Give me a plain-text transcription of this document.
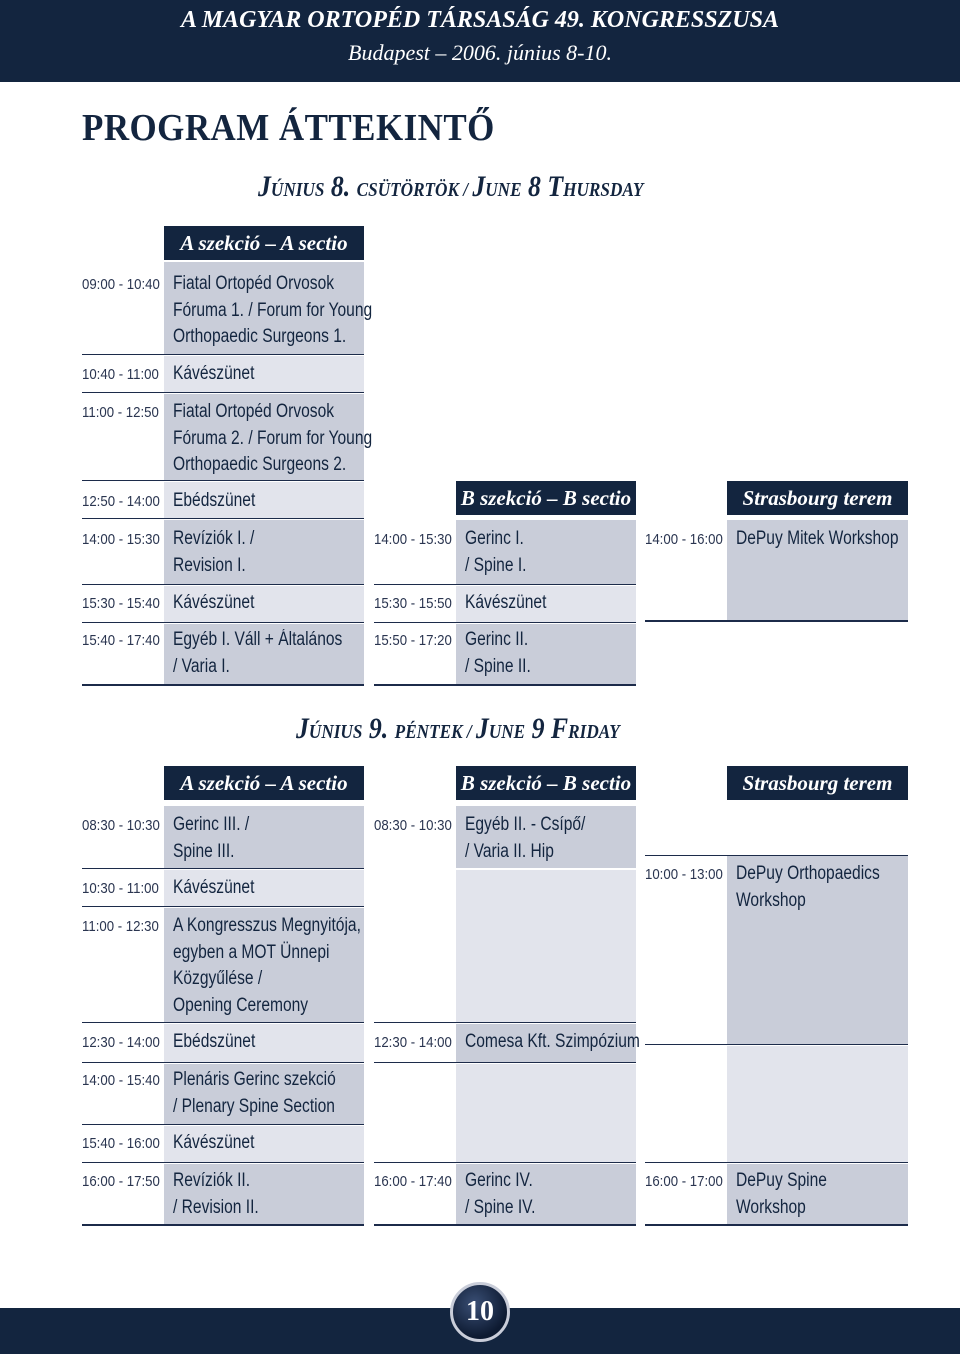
A MAGYAR ORTOPÉD TÁRSASÁG 49. KONGRESSZUSA
Budapest – 2006. június 8-10.
PROGRAM ÁTTEKINTŐ
JÚNIUS 8. CSÜTÖRTÖK / JUNE 8 THURSDAY
A szekció – A sectio
09:00 - 10:40 Fiatal Ortopéd Orvosok
Fóruma 1. / Forum for Young
Orthopaedic Surgeons 1.
10:40 - 11:00 Kávészünet
11:00 - 12:50 Fiatal Ortopéd Orvosok
Fóruma 2. / Forum for Young
Orthopaedic Surgeons 2.
12:50 - 14:00 Ebédszünet
14:00 - 15:30 Revíziók I. /
Revision I.
15:30 - 15:40 Kávészünet
15:40 - 17:40 Egyéb I. Váll + Általános
/ Varia I.
B szekció – B sectio
14:00 - 15:30 Gerinc I.
/ Spine I.
15:30 - 15:50 Kávészünet
15:50 - 17:20 Gerinc II.
/ Spine II.
Strasbourg terem
14:00 - 16:00 DePuy Mitek Workshop
JÚNIUS 9. PÉNTEK / JUNE 9 FRIDAY
A szekció – A sectio	B szekció – B sectio	Strasbourg terem
08:30 - 10:30 Gerinc III. /
Spine III.
10:30 - 11:00 Kávészünet
11:00 - 12:30 A Kongresszus Megnyitója,
egyben a MOT Ünnepi
Közgyűlése /
Opening Ceremony
12:30 - 14:00 Ebédszünet
14:00 - 15:40 Plenáris Gerinc szekció
/ Plenary Spine Section
15:40 - 16:00 Kávészünet
16:00 - 17:50 Revíziók II.
/ Revision II.
08:30 - 10:30 Egyéb II. - Csípő/
/ Varia II. Hip
12:30 - 14:00 Comesa Kft. Szimpózium
16:00 - 17:40 Gerinc IV.
/ Spine IV.
10:00 - 13:00 DePuy Orthopaedics
Workshop
16:00 - 17:00 DePuy Spine
Workshop
10
